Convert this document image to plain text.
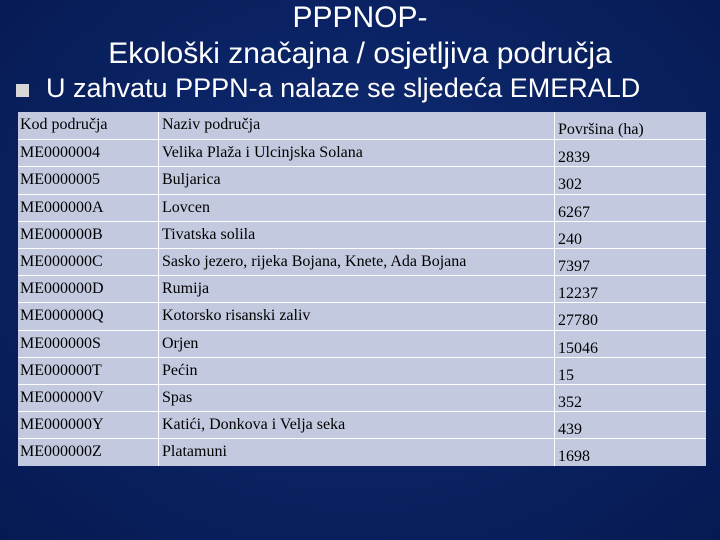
PPPNOP-
Ekološki značajna / osjetljiva područja
U zahvatu PPPN-a nalaze se sljedeća EMERALD
Kod područja	Naziv područja	Površina (ha)
ME0000004	Velika Plaža i Ulcinjska Solana	2839
ME0000005	Buljarica	302
ME000000A	Lovcen	6267
ME000000B	Tivatska solila	240
ME000000C	Sasko jezero, rijeka Bojana, Knete, Ada Bojana	7397
ME000000D	Rumija	12237
ME000000Q	Kotorsko risanski zaliv	27780
ME000000S	Orjen	15046
ME000000T	Pećin	15
ME000000V	Spas	352
ME000000Y	Katići, Donkova i Velja seka	439
ME000000Z	Platamuni	1698
